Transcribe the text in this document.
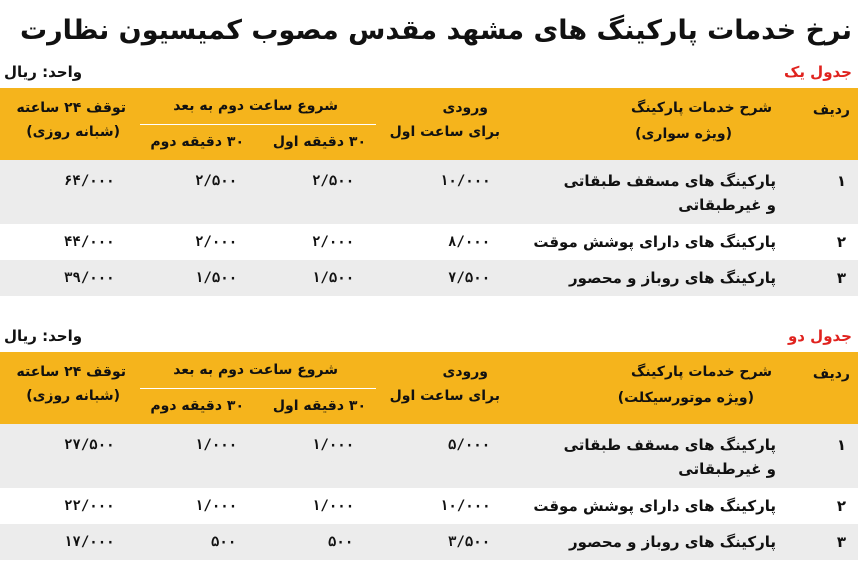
نرخ خدمات پارکینگ های مشهد مقدس مصوب کمیسیون نظارت
جدول یک
واحد: ریال
ردیف
شرح خدمات پارکینگ
(ویژه سواری)
ورودی
برای ساعت اول
شروع ساعت دوم به بعد
۳۰ دقیقه اول
۳۰ دقیقه دوم
توقف ۲۴ ساعته
(شبانه روزی)
۱
پارکینگ های مسقف طبقاتی
و غیرطبقاتی
۱۰/۰۰۰
۲/۵۰۰
۲/۵۰۰
۶۴/۰۰۰
۲
پارکینگ های دارای پوشش موقت
۸/۰۰۰
۲/۰۰۰
۲/۰۰۰
۴۴/۰۰۰
۳
پارکینگ های روباز و محصور
۷/۵۰۰
۱/۵۰۰
۱/۵۰۰
۳۹/۰۰۰
جدول دو
واحد: ریال
ردیف
شرح خدمات پارکینگ
(ویژه موتورسیکلت)
ورودی
برای ساعت اول
شروع ساعت دوم به بعد
۳۰ دقیقه اول
۳۰ دقیقه دوم
توقف ۲۴ ساعته
(شبانه روزی)
۱
پارکینگ های مسقف طبقاتی
و غیرطبقاتی
۵/۰۰۰
۱/۰۰۰
۱/۰۰۰
۲۷/۵۰۰
۲
پارکینگ های دارای پوشش موقت
۱۰/۰۰۰
۱/۰۰۰
۱/۰۰۰
۲۲/۰۰۰
۳
پارکینگ های روباز و محصور
۳/۵۰۰
۵۰۰
۵۰۰
۱۷/۰۰۰
